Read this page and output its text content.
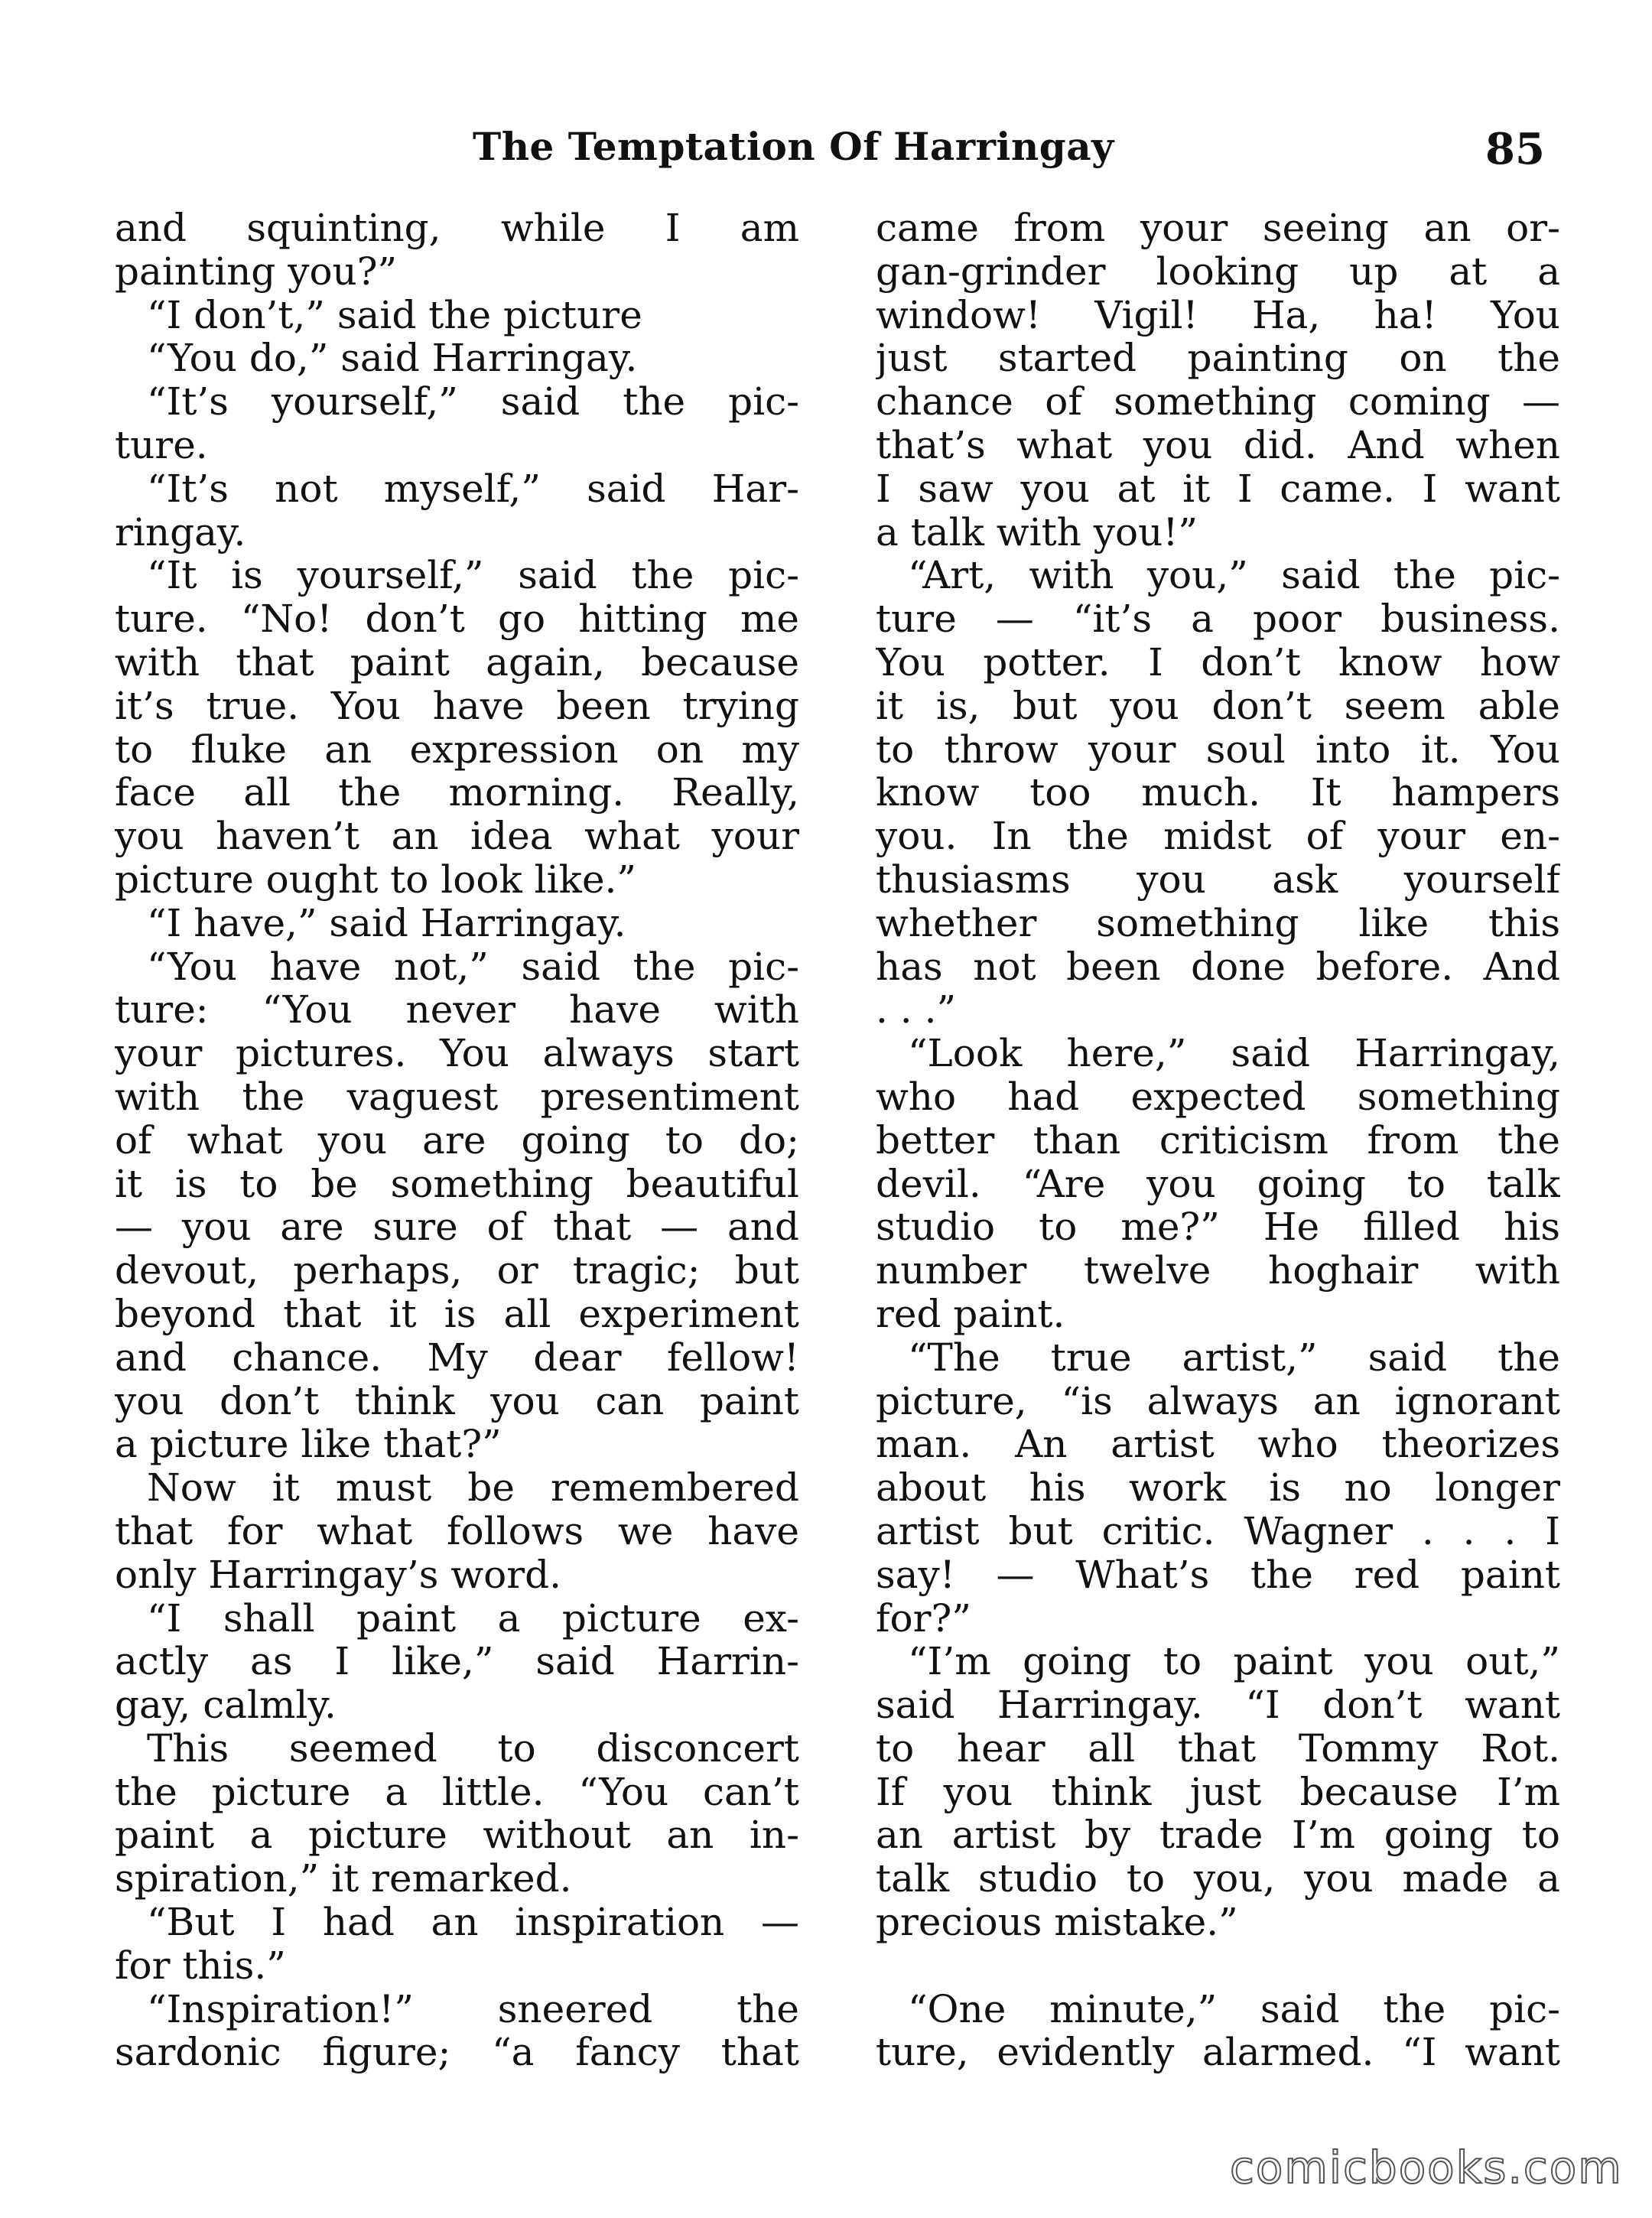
The Temptation Of Harringay	85
and squinting, while I am
painting you?”
“I don’t,” said the picture
“You do,” said Harringay.
“It’s yourself,” said the pic-
ture.
“It’s not myself,” said Har-
ringay.
“It is yourself,” said the pic-
ture. “No! don’t go hitting me
with that paint again, because
it’s true. You have been trying
to fluke an expression on my
face all the morning. Really,
you haven’t an idea what your
picture ought to look like.”
“I have,” said Harringay.
“You have not,” said the pic-
ture: “You never have with
your pictures. You always start
with the vaguest presentiment
of what you are going to do;
it is to be something beautiful
— you are sure of that — and
devout, perhaps, or tragic; but
beyond that it is all experiment
and chance. My dear fellow!
you don’t think you can paint
a picture like that?”
Now it must be remembered
that for what follows we have
only Harringay’s word.
“I shall paint a picture ex-
actly as I like,” said Harrin-
gay, calmly.
This seemed to disconcert
the picture a little. “You can’t
paint a picture without an in-
spiration,” it remarked.
“But I had an inspiration —
for this.”
“Inspiration!” sneered the
sardonic figure; “a fancy that
came from your seeing an or-
gan-grinder looking up at a
window! Vigil! Ha, ha! You
just started painting on the
chance of something coming —
that’s what you did. And when
I saw you at it I came. I want
a talk with you!”
“Art, with you,” said the pic-
ture — “it’s a poor business.
You potter. I don’t know how
it is, but you don’t seem able
to throw your soul into it. You
know too much. It hampers
you. In the midst of your en-
thusiasms you ask yourself
whether something like this
has not been done before. And
. . .”
“Look here,” said Harringay,
who had expected something
better than criticism from the
devil. “Are you going to talk
studio to me?” He filled his
number twelve hoghair with
red paint.
“The true artist,” said the
picture, “is always an ignorant
man. An artist who theorizes
about his work is no longer
artist but critic. Wagner . . . I
say! — What’s the red paint
for?”
“I’m going to paint you out,”
said Harringay. “I don’t want
to hear all that Tommy Rot.
If you think just because I’m
an artist by trade I’m going to
talk studio to you, you made a
precious mistake.”
“One minute,” said the pic-
ture, evidently alarmed. “I want
comicbooks.com
